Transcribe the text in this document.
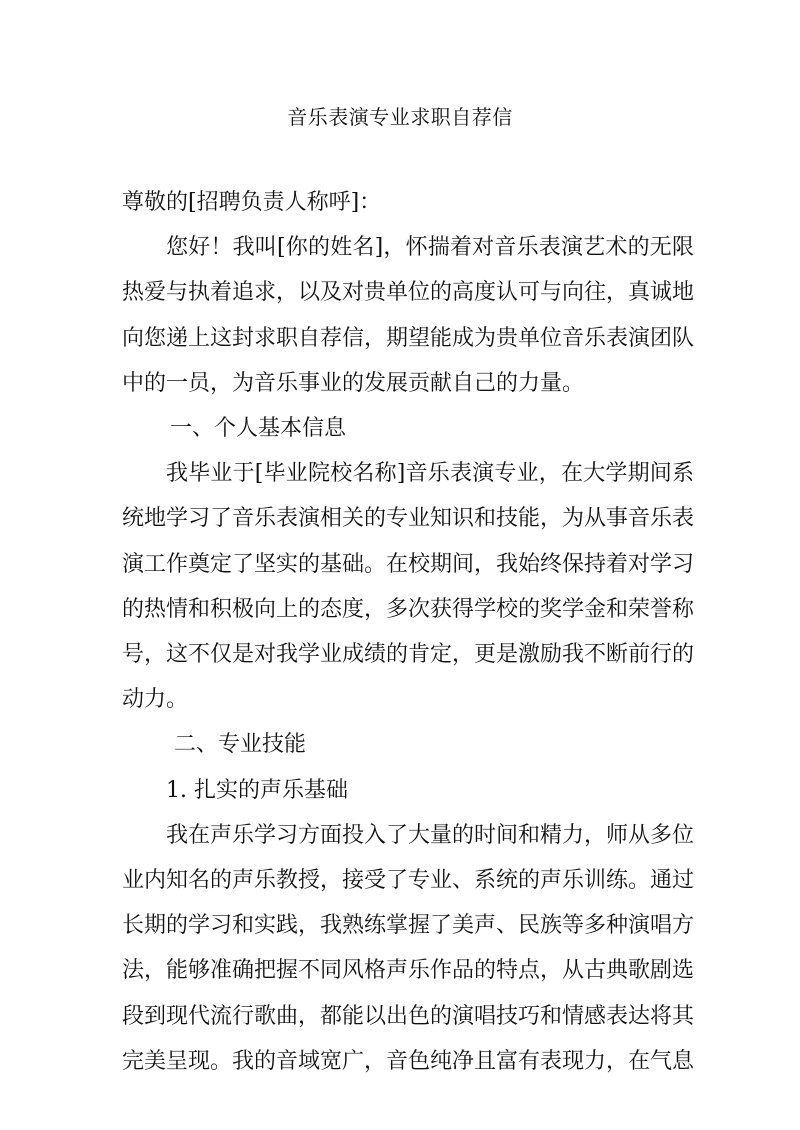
音乐表演专业求职自荐信

尊敬的[招聘负责人称呼]：

您好！我叫[你的姓名]，怀揣着对音乐表演艺术的无限热爱与执着追求，以及对贵单位的高度认可与向往，真诚地向您递上这封求职自荐信，期望能成为贵单位音乐表演团队中的一员，为音乐事业的发展贡献自己的力量。

一、个人基本信息

我毕业于[毕业院校名称]音乐表演专业，在大学期间系统地学习了音乐表演相关的专业知识和技能，为从事音乐表演工作奠定了坚实的基础。在校期间，我始终保持着对学习的热情和积极向上的态度，多次获得学校的奖学金和荣誉称号，这不仅是对我学业成绩的肯定，更是激励我不断前行的动力。

二、专业技能

1. 扎实的声乐基础

我在声乐学习方面投入了大量的时间和精力，师从多位业内知名的声乐教授，接受了专业、系统的声乐训练。通过长期的学习和实践，我熟练掌握了美声、民族等多种演唱方法，能够准确把握不同风格声乐作品的特点，从古典歌剧选段到现代流行歌曲，都能以出色的演唱技巧和情感表达将其完美呈现。我的音域宽广，音色纯净且富有表现力，在气息
